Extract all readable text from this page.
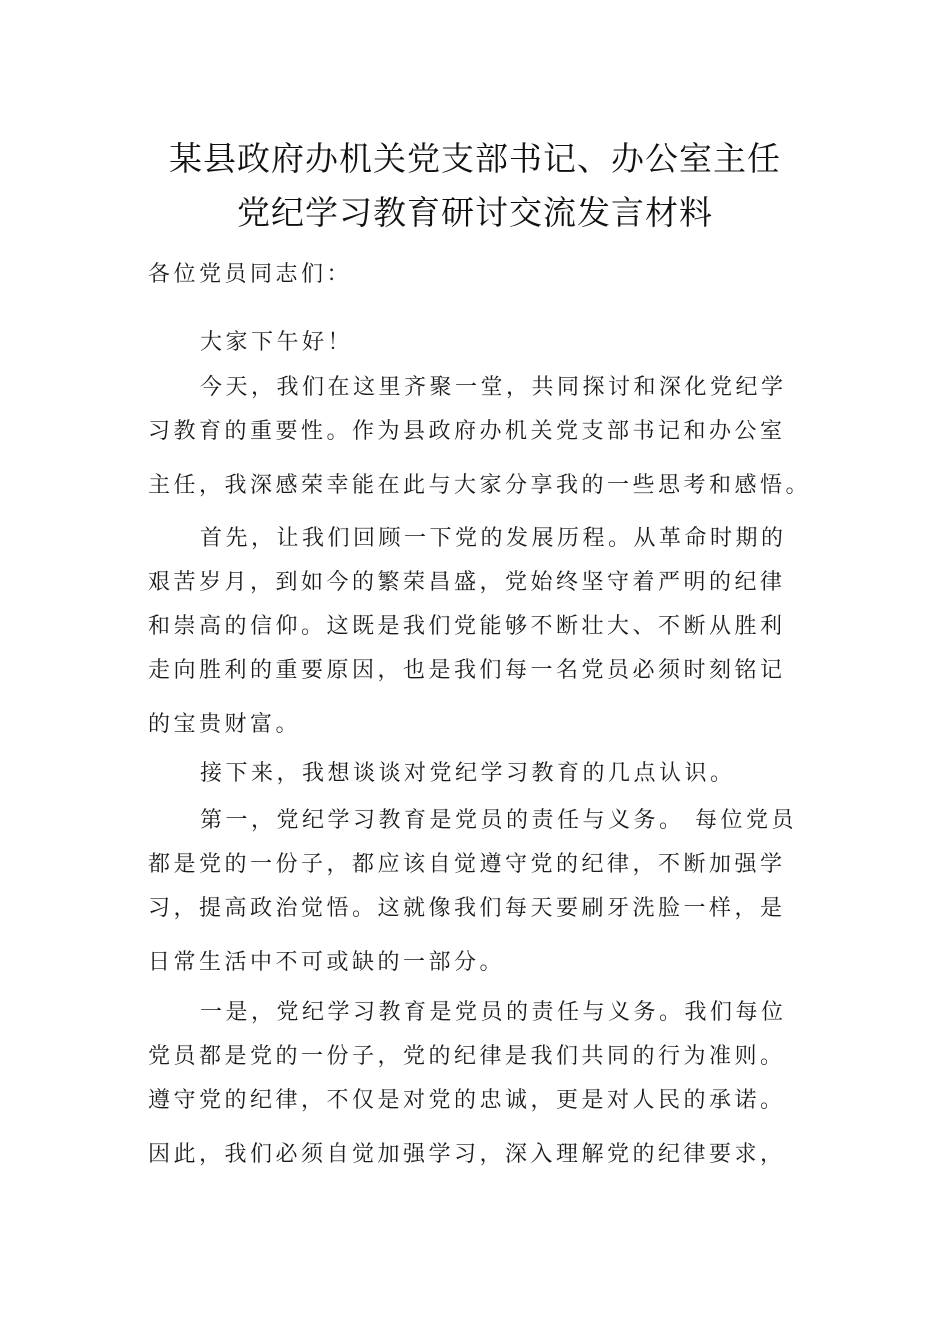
某县政府办机关党支部书记、办公室主任
党纪学习教育研讨交流发言材料
各位党员同志们：
大家下午好！
今天，我们在这里齐聚一堂，共同探讨和深化党纪学
习教育的重要性。作为县政府办机关党支部书记和办公室
主任，我深感荣幸能在此与大家分享我的一些思考和感悟。
首先，让我们回顾一下党的发展历程。从革命时期的
艰苦岁月，到如今的繁荣昌盛，党始终坚守着严明的纪律
和崇高的信仰。这既是我们党能够不断壮大、不断从胜利
走向胜利的重要原因，也是我们每一名党员必须时刻铭记
的宝贵财富。
接下来，我想谈谈对党纪学习教育的几点认识。
第一，党纪学习教育是党员的责任与义务。 每位党员
都是党的一份子，都应该自觉遵守党的纪律，不断加强学
习，提高政治觉悟。这就像我们每天要刷牙洗脸一样，是
日常生活中不可或缺的一部分。
一是，党纪学习教育是党员的责任与义务。我们每位
党员都是党的一份子，党的纪律是我们共同的行为准则。
遵守党的纪律，不仅是对党的忠诚，更是对人民的承诺。
因此，我们必须自觉加强学习，深入理解党的纪律要求，
